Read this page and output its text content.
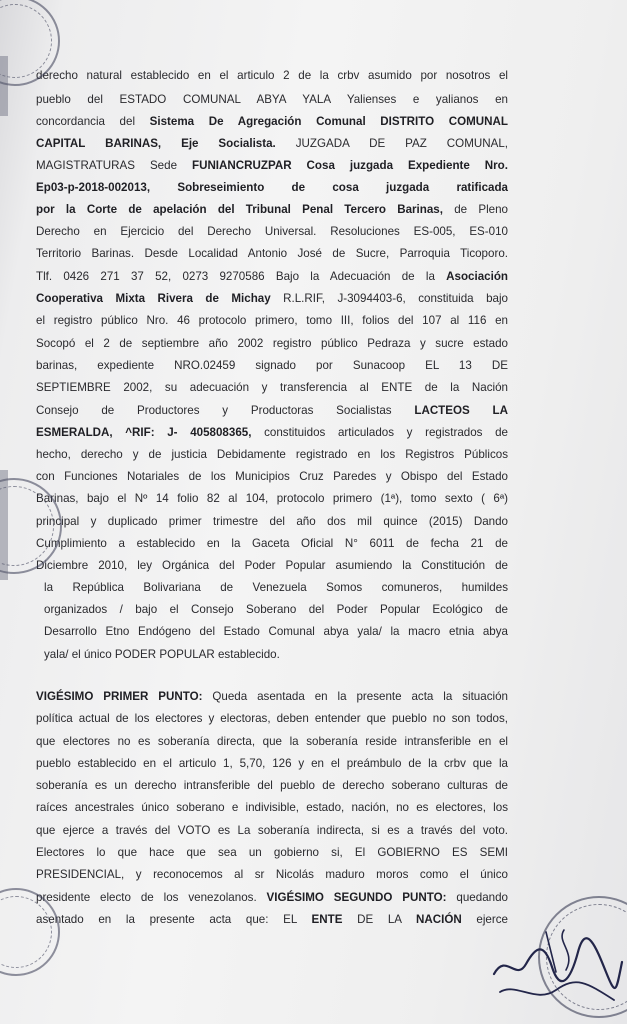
derecho natural establecido en el articulo 2 de la crbv asumido por nosotros el
pueblo del ESTADO COMUNAL ABYA YALA Yalienses e yalianos en
concordancia del Sistema De Agregación Comunal DISTRITO COMUNAL
CAPITAL BARINAS, Eje Socialista. JUZGADA DE PAZ COMUNAL,
MAGISTRATURAS Sede FUNIANCRUZPAR Cosa juzgada Expediente Nro.
Ep03-p-2018-002013, Sobreseimiento de cosa juzgada ratificada
por la Corte de apelación del Tribunal Penal Tercero Barinas, de Pleno
Derecho en Ejercicio del Derecho Universal. Resoluciones ES-005, ES-010
Territorio Barinas. Desde Localidad Antonio José de Sucre, Parroquia Ticoporo.
Tlf. 0426 271 37 52, 0273 9270586 Bajo la Adecuación de la Asociación
Cooperativa Mixta Rivera de Michay R.L.RIF, J-3094403-6, constituida bajo
el registro público Nro. 46 protocolo primero, tomo III, folios del 107 al 116 en
Socopó el 2 de septiembre año 2002 registro público Pedraza y sucre estado
barinas, expediente NRO.02459 signado por Sunacoop EL 13 DE
SEPTIEMBRE 2002, su adecuación y transferencia al ENTE de la Nación
Consejo de Productores y Productoras Socialistas LACTEOS LA
ESMERALDA, ^RIF: J- 405808365, constituidos articulados y registrados de
hecho, derecho y de justicia Debidamente registrado en los Registros Públicos
con Funciones Notariales de los Municipios Cruz Paredes y Obispo del Estado
Barinas, bajo el Nº 14 folio 82 al 104, protocolo primero (1ª), tomo sexto ( 6ª)
principal y duplicado primer trimestre del año dos mil quince (2015) Dando
Cumplimiento a establecido en la Gaceta Oficial N° 6011 de fecha 21 de
Diciembre 2010, ley Orgánica del Poder Popular asumiendo la Constitución de
la República Bolivariana de Venezuela Somos comuneros, humildes
organizados / bajo el Consejo Soberano del Poder Popular Ecológico de
Desarrollo Etno Endógeno del Estado Comunal abya yala/ la macro etnia abya
yala/ el único PODER POPULAR establecido.
VIGÉSIMO PRIMER PUNTO: Queda asentada en la presente acta la situación
política actual de los electores y electoras, deben entender que pueblo no son todos,
que electores no es soberanía directa, que la soberanía reside intransferible en el
pueblo establecido en el articulo 1, 5,70, 126 y en el preámbulo de la crbv que la
soberanía es un derecho intransferible del pueblo de derecho soberano culturas de
raíces ancestrales único soberano e indivisible, estado, nación, no es electores, los
que ejerce a través del VOTO es La soberanía indirecta, si es a través del voto.
Electores lo que hace que sea un gobierno si, El GOBIERNO ES SEMI
PRESIDENCIAL, y reconocemos al sr Nicolás maduro moros como el único
presidente electo de los venezolanos. VIGÉSIMO SEGUNDO PUNTO: quedando
asentado en la presente acta que: EL ENTE DE LA NACIÓN ejerce
